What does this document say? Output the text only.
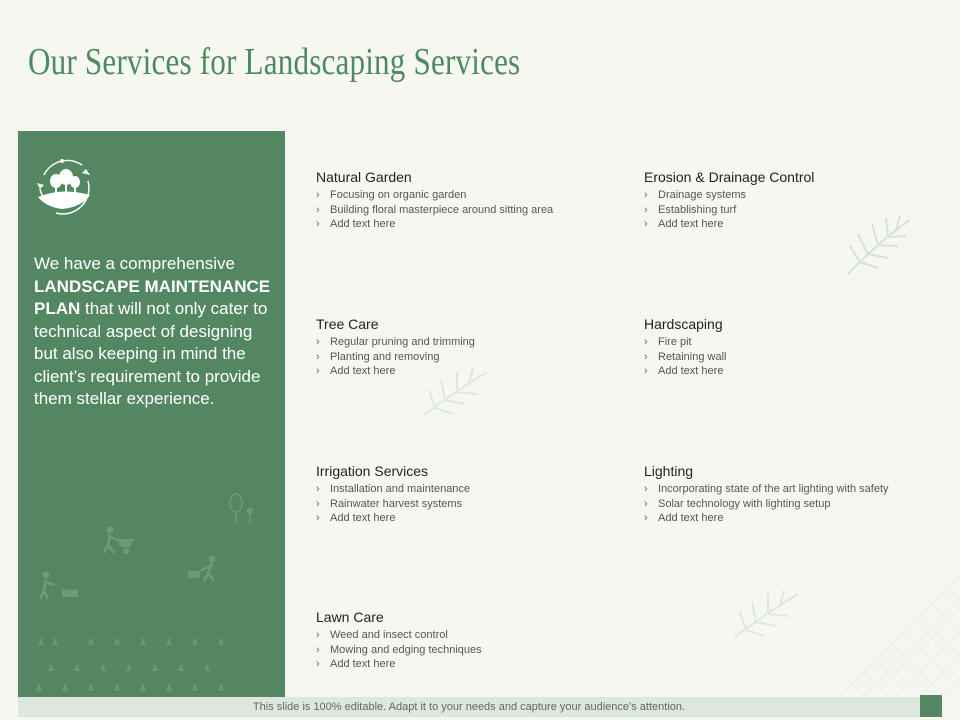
Our Services for Landscaping Services
We have a comprehensive LANDSCAPE MAINTENANCE PLAN that will not only cater to technical aspect of designing but also keeping in mind the client’s requirement to provide them stellar experience.
Natural Garden
› Focusing on organic garden
› Building floral masterpiece around sitting area
› Add text here
Erosion & Drainage Control
› Drainage systems
› Establishing turf
› Add text here
Tree Care
› Regular pruning and trimming
› Planting and removing
› Add text here
Hardscaping
› Fire pit
› Retaining wall
› Add text here
Irrigation Services
› Installation and maintenance
› Rainwater harvest systems
› Add text here
Lighting
› Incorporating state of the art lighting with safety
› Solar technology with lighting setup
› Add text here
Lawn Care
› Weed and insect control
› Mowing and edging techniques
› Add text here
This slide is 100% editable. Adapt it to your needs and capture your audience’s attention.
